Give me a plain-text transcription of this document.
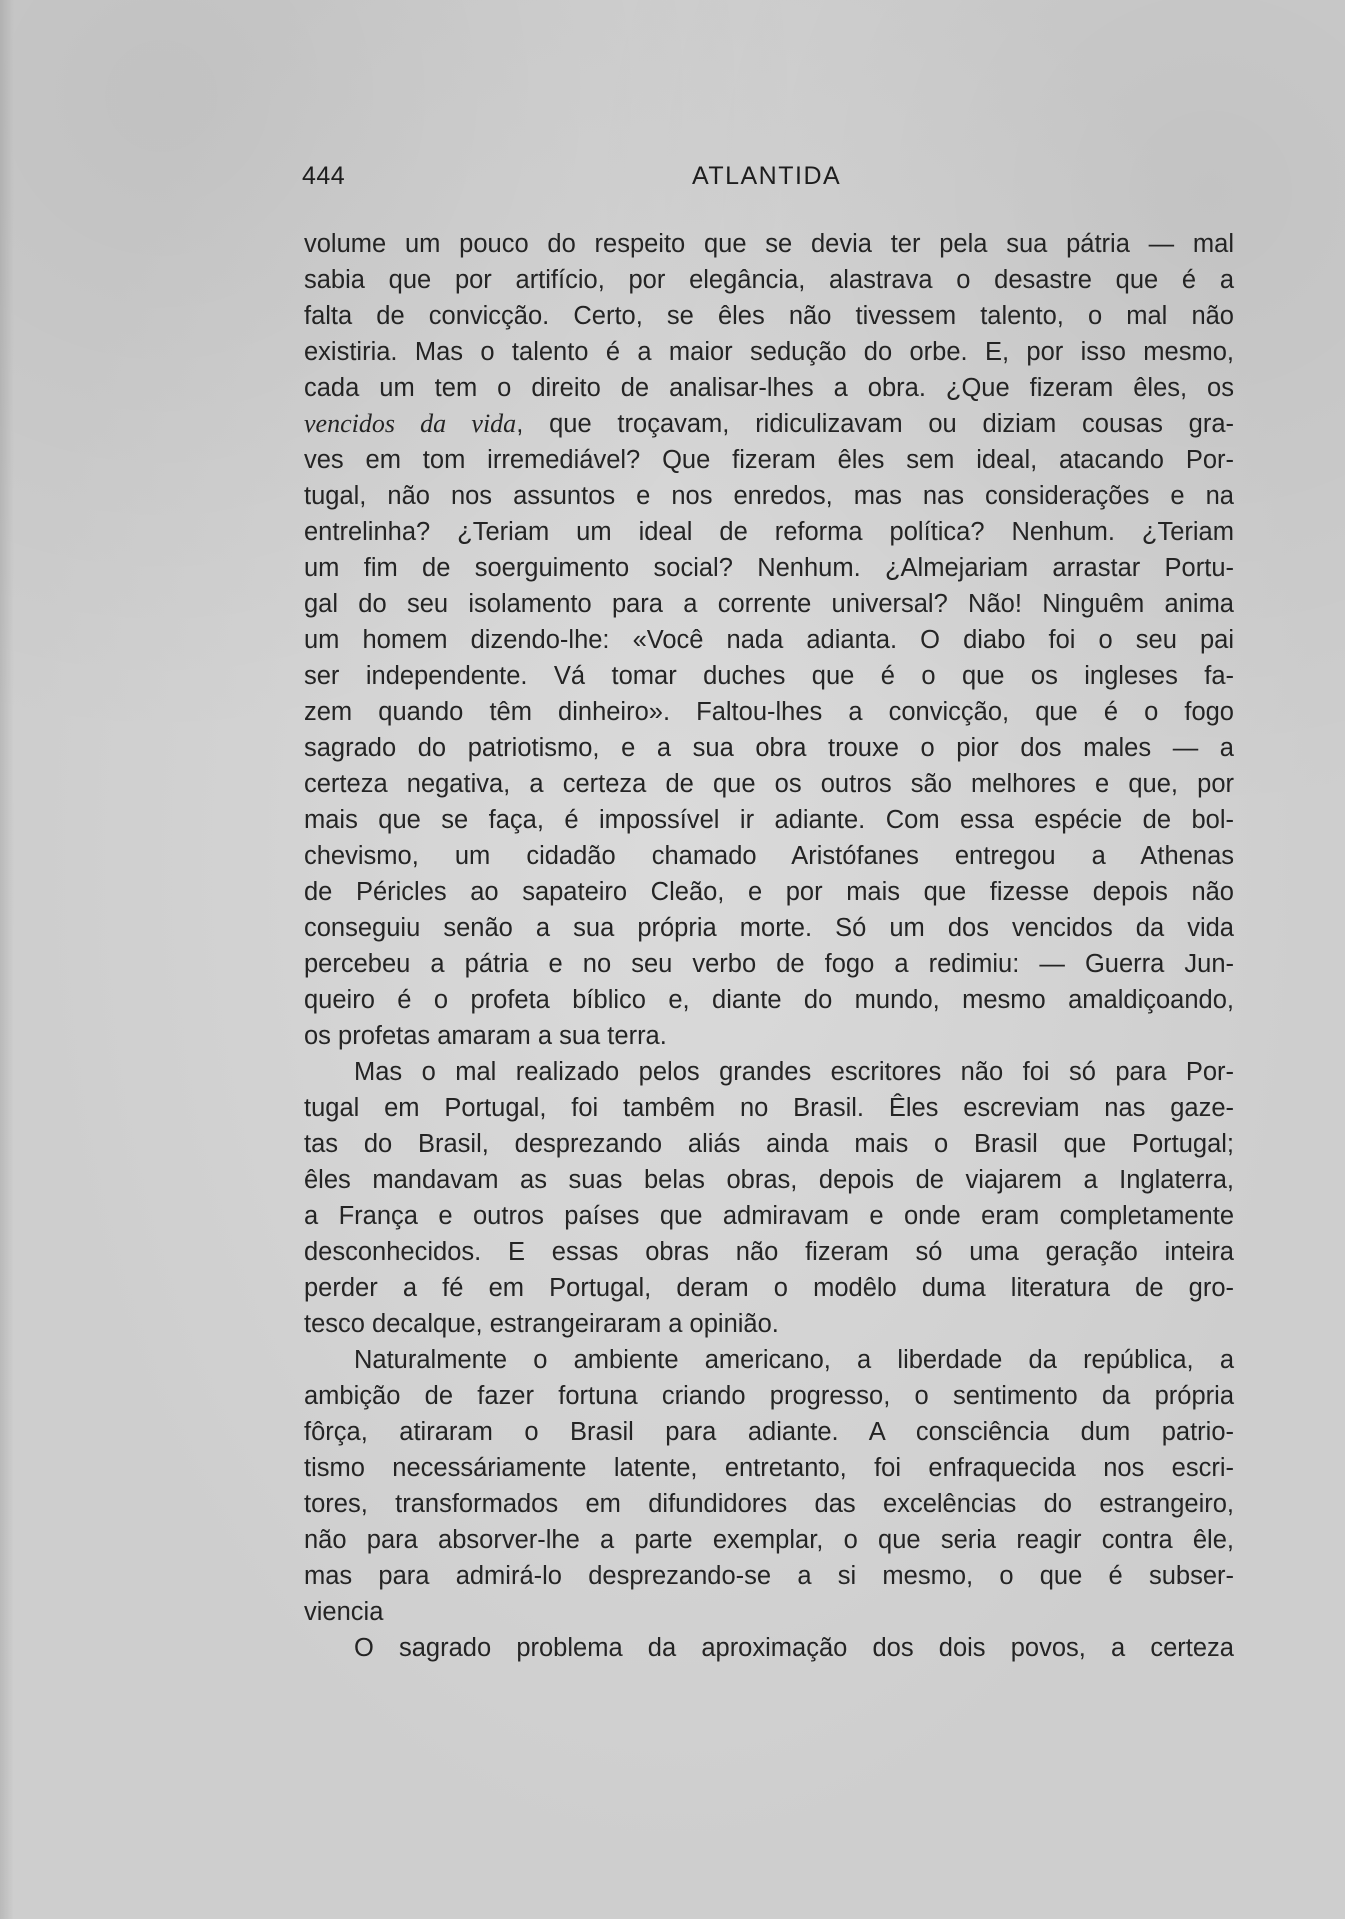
444	ATLANTIDA
volume um pouco do respeito que se devia ter pela sua pátria — mal
sabia que por artifício, por elegância, alastrava o desastre que é a
falta de convicção. Certo, se êles não tivessem talento, o mal não
existiria. Mas o talento é a maior sedução do orbe. E, por isso mesmo,
cada um tem o direito de analisar-lhes a obra. ¿Que fizeram êles, os
vencidos da vida, que troçavam, ridiculizavam ou diziam cousas gra-
ves em tom irremediável? Que fizeram êles sem ideal, atacando Por-
tugal, não nos assuntos e nos enredos, mas nas considerações e na
entrelinha? ¿Teriam um ideal de reforma política? Nenhum. ¿Teriam
um fim de soerguimento social? Nenhum. ¿Almejariam arrastar Portu-
gal do seu isolamento para a corrente universal? Não! Ninguêm anima
um homem dizendo-lhe: «Você nada adianta. O diabo foi o seu pai
ser independente. Vá tomar duches que é o que os ingleses fa-
zem quando têm dinheiro». Faltou-lhes a convicção, que é o fogo
sagrado do patriotismo, e a sua obra trouxe o pior dos males — a
certeza negativa, a certeza de que os outros são melhores e que, por
mais que se faça, é impossível ir adiante. Com essa espécie de bol-
chevismo, um cidadão chamado Aristófanes entregou a Athenas
de Péricles ao sapateiro Cleão, e por mais que fizesse depois não
conseguiu senão a sua própria morte. Só um dos vencidos da vida
percebeu a pátria e no seu verbo de fogo a redimiu: — Guerra Jun-
queiro é o profeta bíblico e, diante do mundo, mesmo amaldiçoando,
os profetas amaram a sua terra.
Mas o mal realizado pelos grandes escritores não foi só para Por-
tugal em Portugal, foi tambêm no Brasil. Êles escreviam nas gaze-
tas do Brasil, desprezando aliás ainda mais o Brasil que Portugal;
êles mandavam as suas belas obras, depois de viajarem a Inglaterra,
a França e outros países que admiravam e onde eram completamente
desconhecidos. E essas obras não fizeram só uma geração inteira
perder a fé em Portugal, deram o modêlo duma literatura de gro-
tesco decalque, estrangeiraram a opinião.
Naturalmente o ambiente americano, a liberdade da república, a
ambição de fazer fortuna criando progresso, o sentimento da própria
fôrça, atiraram o Brasil para adiante. A consciência dum patrio-
tismo necessáriamente latente, entretanto, foi enfraquecida nos escri-
tores, transformados em difundidores das excelências do estrangeiro,
não para absorver-lhe a parte exemplar, o que seria reagir contra êle,
mas para admirá-lo desprezando-se a si mesmo, o que é subser-
viencia
O sagrado problema da aproximação dos dois povos, a certeza
